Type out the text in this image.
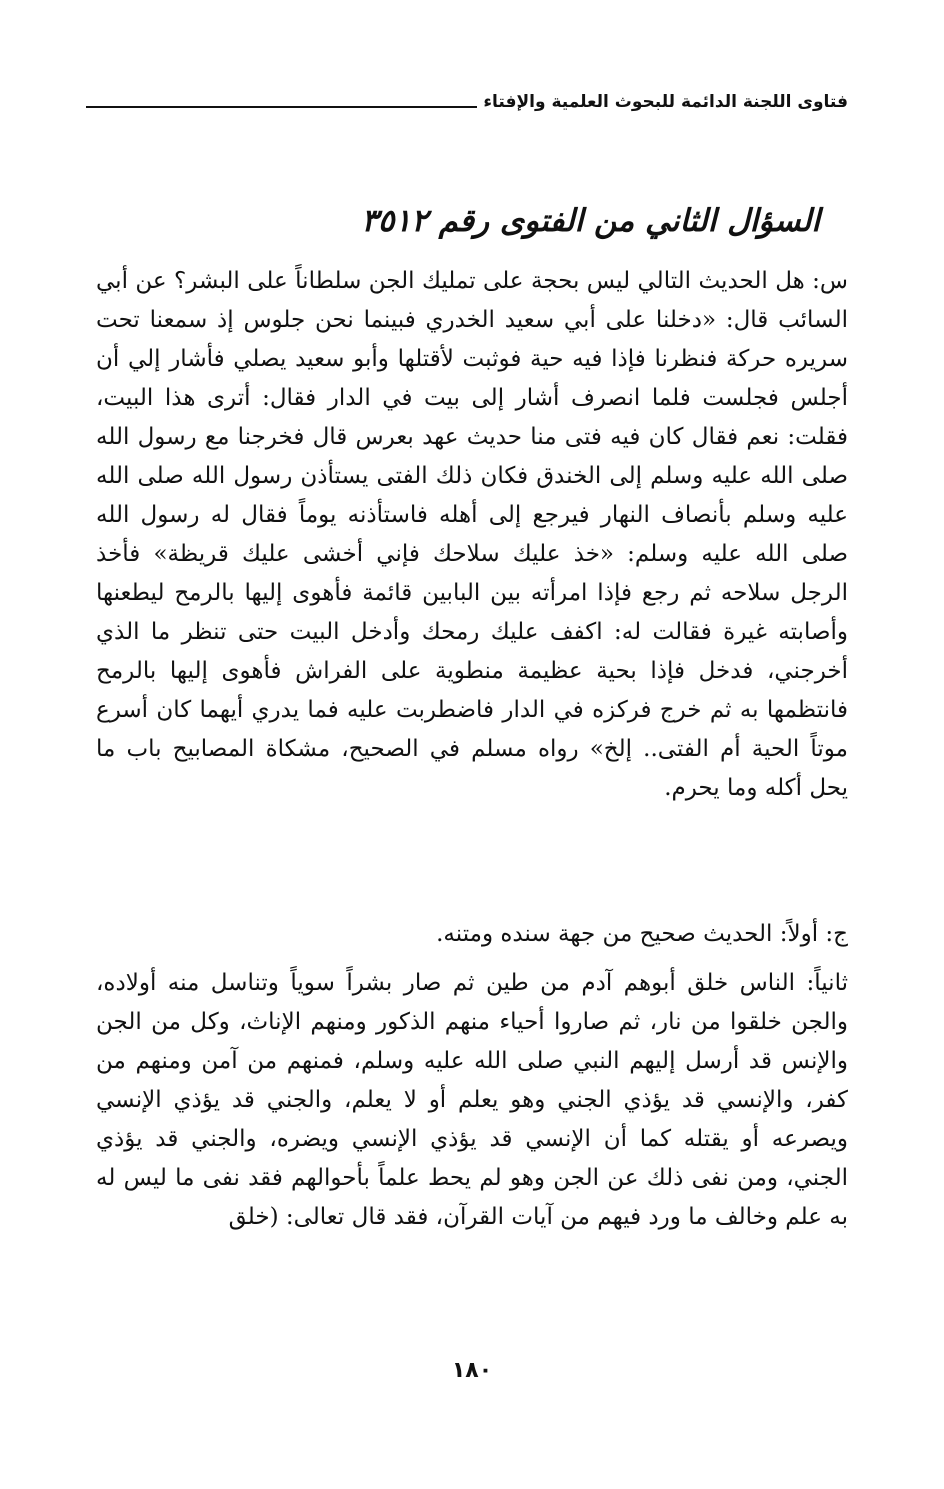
فتاوى اللجنة الدائمة للبحوث العلمية والإفتاء
السؤال الثاني من الفتوى رقم ٣٥١٢
س: هل الحديث التالي ليس بحجة على تمليك الجن سلطاناً على البشر؟ عن أبي السائب قال: «دخلنا على أبي سعيد الخدري فبينما نحن جلوس إذ سمعنا تحت سريره حركة فنظرنا فإذا فيه حية فوثبت لأقتلها وأبو سعيد يصلي فأشار إلي أن أجلس فجلست فلما انصرف أشار إلى بيت في الدار فقال: أترى هذا البيت، فقلت: نعم فقال كان فيه فتى منا حديث عهد بعرس قال فخرجنا مع رسول الله صلى الله عليه وسلم إلى الخندق فكان ذلك الفتى يستأذن رسول الله صلى الله عليه وسلم بأنصاف النهار فيرجع إلى أهله فاستأذنه يوماً فقال له رسول الله صلى الله عليه وسلم: «خذ عليك سلاحك فإني أخشى عليك قريظة» فأخذ الرجل سلاحه ثم رجع فإذا امرأته بين البابين قائمة فأهوى إليها بالرمح ليطعنها وأصابته غيرة فقالت له: اكفف عليك رمحك وأدخل البيت حتى تنظر ما الذي أخرجني، فدخل فإذا بحية عظيمة منطوية على الفراش فأهوى إليها بالرمح فانتظمها به ثم خرج فركزه في الدار فاضطربت عليه فما يدري أيهما كان أسرع موتاً الحية أم الفتى.. إلخ» رواه مسلم في الصحيح، مشكاة المصابيح باب ما يحل أكله وما يحرم.
ج: أولاً: الحديث صحيح من جهة سنده ومتنه.
ثانياً: الناس خلق أبوهم آدم من طين ثم صار بشراً سوياً وتناسل منه أولاده، والجن خلقوا من نار، ثم صاروا أحياء منهم الذكور ومنهم الإناث، وكل من الجن والإنس قد أرسل إليهم النبي صلى الله عليه وسلم، فمنهم من آمن ومنهم من كفر، والإنسي قد يؤذي الجني وهو يعلم أو لا يعلم، والجني قد يؤذي الإنسي ويصرعه أو يقتله كما أن الإنسي قد يؤذي الإنسي ويضره، والجني قد يؤذي الجني، ومن نفى ذلك عن الجن وهو لم يحط علماً بأحوالهم فقد نفى ما ليس له به علم وخالف ما ورد فيهم من آيات القرآن، فقد قال تعالى: (خلق
١٨٠
